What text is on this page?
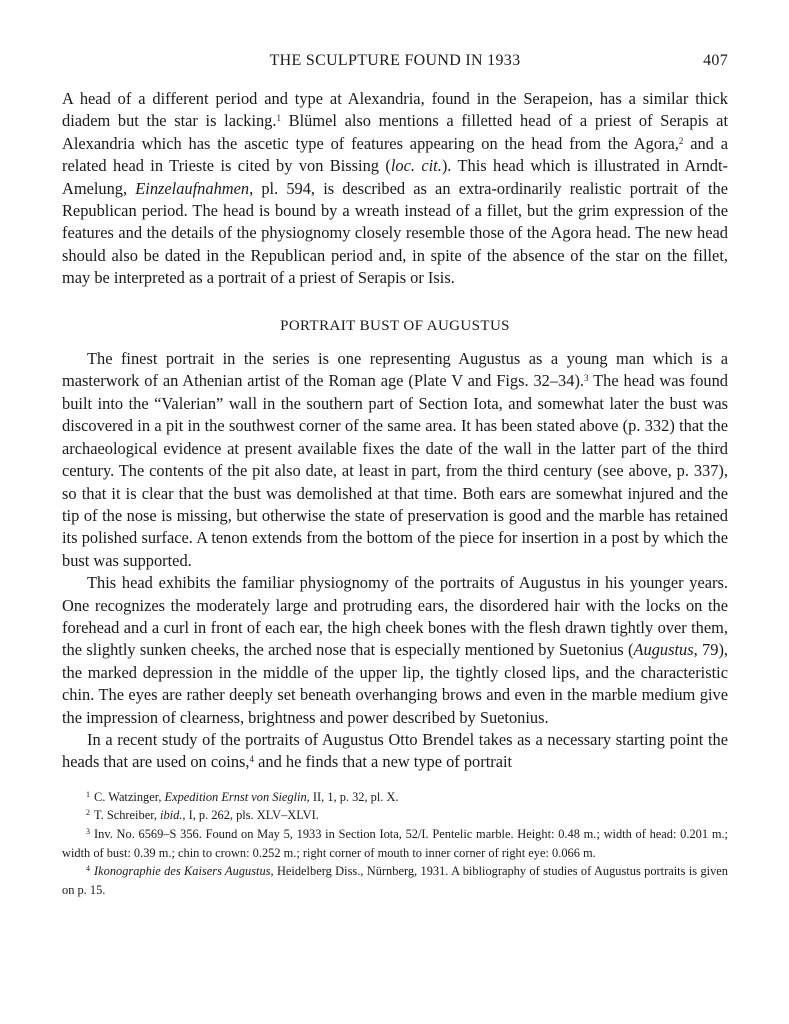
THE SCULPTURE FOUND IN 1933	407

A head of a different period and type at Alexandria, found in the Serapeion, has a similar thick diadem but the star is lacking.$^1$ Blümel also mentions a filletted head of a priest of Serapis at Alexandria which has the ascetic type of features appearing on the head from the Agora,$^2$ and a related head in Trieste is cited by von Bissing (loc. cit.). This head which is illustrated in Arndt-Amelung, Einzelaufnahmen, pl. 594, is described as an extra-ordinarily realistic portrait of the Republican period. The head is bound by a wreath instead of a fillet, but the grim expression of the features and the details of the physiognomy closely resemble those of the Agora head. The new head should also be dated in the Republican period and, in spite of the absence of the star on the fillet, may be interpreted as a portrait of a priest of Serapis or Isis.

PORTRAIT BUST OF AUGUSTUS

The finest portrait in the series is one representing Augustus as a young man which is a masterwork of an Athenian artist of the Roman age (Plate V and Figs. 32–34).$^3$ The head was found built into the “Valerian” wall in the southern part of Section Iota, and somewhat later the bust was discovered in a pit in the southwest corner of the same area. It has been stated above (p. 332) that the archaeological evidence at present available fixes the date of the wall in the latter part of the third century. The contents of the pit also date, at least in part, from the third century (see above, p. 337), so that it is clear that the bust was demolished at that time. Both ears are somewhat injured and the tip of the nose is missing, but otherwise the state of preservation is good and the marble has retained its polished surface. A tenon extends from the bottom of the piece for insertion in a post by which the bust was supported.

This head exhibits the familiar physiognomy of the portraits of Augustus in his younger years. One recognizes the moderately large and protruding ears, the disordered hair with the locks on the forehead and a curl in front of each ear, the high cheek bones with the flesh drawn tightly over them, the slightly sunken cheeks, the arched nose that is especially mentioned by Suetonius (Augustus, 79), the marked depression in the middle of the upper lip, the tightly closed lips, and the characteristic chin. The eyes are rather deeply set beneath overhanging brows and even in the marble medium give the impression of clearness, brightness and power described by Suetonius.

In a recent study of the portraits of Augustus Otto Brendel takes as a necessary starting point the heads that are used on coins,$^4$ and he finds that a new type of portrait

$^1$ C. Watzinger, Expedition Ernst von Sieglin, II, 1, p. 32, pl. X.

$^2$ T. Schreiber, ibid., I, p. 262, pls. XLV–XLVI.

$^3$ Inv. No. 6569–S 356. Found on May 5, 1933 in Section Iota, 52/I. Pentelic marble. Height: 0.48 m.; width of head: 0.201 m.; width of bust: 0.39 m.; chin to crown: 0.252 m.; right corner of mouth to inner corner of right eye: 0.066 m.

$^4$ Ikonographie des Kaisers Augustus, Heidelberg Diss., Nürnberg, 1931. A bibliography of studies of Augustus portraits is given on p. 15.
